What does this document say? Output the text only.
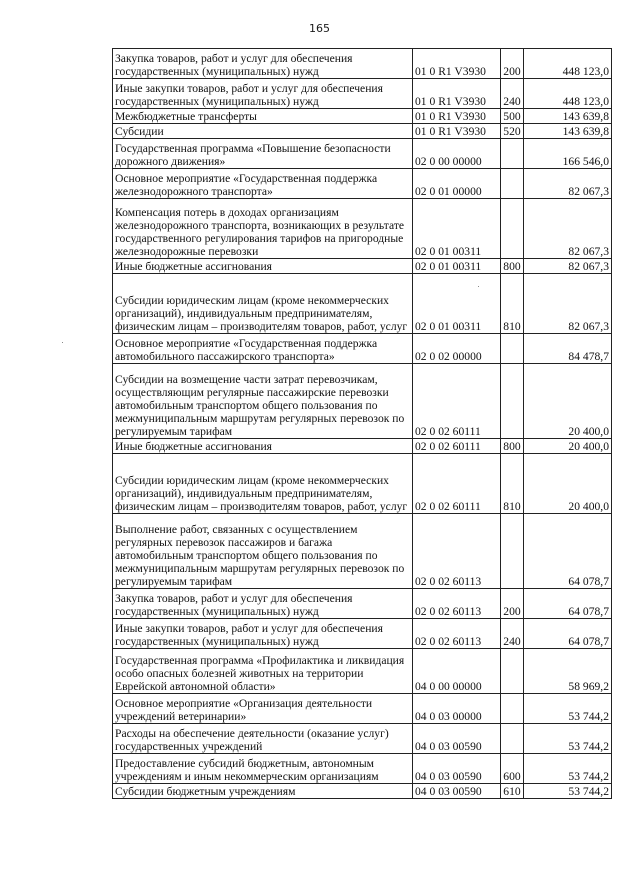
165
Закупка товаров, работ и услуг для обеспечения государственных (муниципальных) нужд	01 0 R1 V3930	200	448 123,0
Иные закупки товаров, работ и услуг для обеспечения государственных (муниципальных) нужд	01 0 R1 V3930	240	448 123,0
Межбюджетные трансферты	01 0 R1 V3930	500	143 639,8
Субсидии	01 0 R1 V3930	520	143 639,8
Государственная программа «Повышение безопасности дорожного движения»	02 0 00 00000		166 546,0
Основное мероприятие «Государственная поддержка железнодорожного транспорта»	02 0 01 00000		82 067,3
Компенсация потерь в доходах организациям железнодорожного транспорта, возникающих в результате государственного регулирования тарифов на пригородные железнодорожные перевозки	02 0 01 00311		82 067,3
Иные бюджетные ассигнования	02 0 01 00311	800	82 067,3
Субсидии юридическим лицам (кроме некоммерческих организаций), индивидуальным предпринимателям, физическим лицам – производителям товаров, работ, услуг	02 0 01 00311	810	82 067,3
Основное мероприятие «Государственная поддержка автомобильного пассажирского транспорта»	02 0 02 00000		84 478,7
Субсидии на возмещение части затрат перевозчикам, осуществляющим регулярные пассажирские перевозки автомобильным транспортом общего пользования по межмуниципальным маршрутам регулярных перевозок по регулируемым тарифам	02 0 02 60111		20 400,0
Иные бюджетные ассигнования	02 0 02 60111	800	20 400,0
Субсидии юридическим лицам (кроме некоммерческих организаций), индивидуальным предпринимателям, физическим лицам – производителям товаров, работ, услуг	02 0 02 60111	810	20 400,0
Выполнение работ, связанных с осуществлением регулярных перевозок пассажиров и багажа автомобильным транспортом общего пользования по межмуниципальным маршрутам регулярных перевозок по регулируемым тарифам	02 0 02 60113		64 078,7
Закупка товаров, работ и услуг для обеспечения государственных (муниципальных) нужд	02 0 02 60113	200	64 078,7
Иные закупки товаров, работ и услуг для обеспечения государственных (муниципальных) нужд	02 0 02 60113	240	64 078,7
Государственная программа «Профилактика и ликвидация особо опасных болезней животных на территории Еврейской автономной области»	04 0 00 00000		58 969,2
Основное мероприятие «Организация деятельности учреждений ветеринарии»	04 0 03 00000		53 744,2
Расходы на обеспечение деятельности (оказание услуг) государственных учреждений	04 0 03 00590		53 744,2
Предоставление субсидий бюджетным, автономным учреждениям и иным некоммерческим организациям	04 0 03 00590	600	53 744,2
Субсидии бюджетным учреждениям	04 0 03 00590	610	53 744,2
